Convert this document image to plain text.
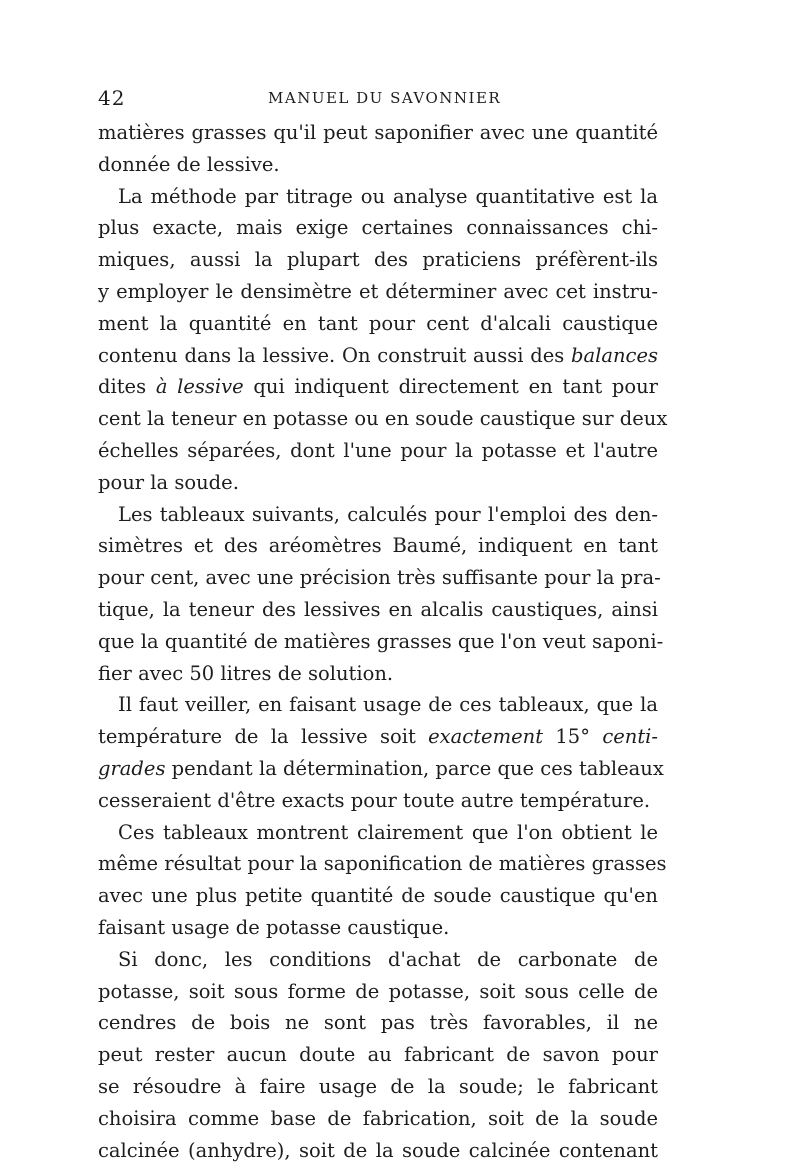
42	MANUEL DU SAVONNIER
matières grasses qu'il peut saponifier avec une quantité
donnée de lessive.
La méthode par titrage ou analyse quantitative est la
plus exacte, mais exige certaines connaissances chi-
miques, aussi la plupart des praticiens préfèrent-ils
y employer le densimètre et déterminer avec cet instru-
ment la quantité en tant pour cent d'alcali caustique
contenu dans la lessive. On construit aussi des balances
dites à lessive qui indiquent directement en tant pour
cent la teneur en potasse ou en soude caustique sur deux
échelles séparées, dont l'une pour la potasse et l'autre
pour la soude.
Les tableaux suivants, calculés pour l'emploi des den-
simètres et des aréomètres Baumé, indiquent en tant
pour cent, avec une précision très suffisante pour la pra-
tique, la teneur des lessives en alcalis caustiques, ainsi
que la quantité de matières grasses que l'on veut saponi-
fier avec 50 litres de solution.
Il faut veiller, en faisant usage de ces tableaux, que la
température de la lessive soit exactement 15° centi-
grades pendant la détermination, parce que ces tableaux
cesseraient d'être exacts pour toute autre température.
Ces tableaux montrent clairement que l'on obtient le
même résultat pour la saponification de matières grasses
avec une plus petite quantité de soude caustique qu'en
faisant usage de potasse caustique.
Si donc, les conditions d'achat de carbonate de
potasse, soit sous forme de potasse, soit sous celle de
cendres de bois ne sont pas très favorables, il ne
peut rester aucun doute au fabricant de savon pour
se résoudre à faire usage de la soude; le fabricant
choisira comme base de fabrication, soit de la soude
calcinée (anhydre), soit de la soude calcinée contenant
